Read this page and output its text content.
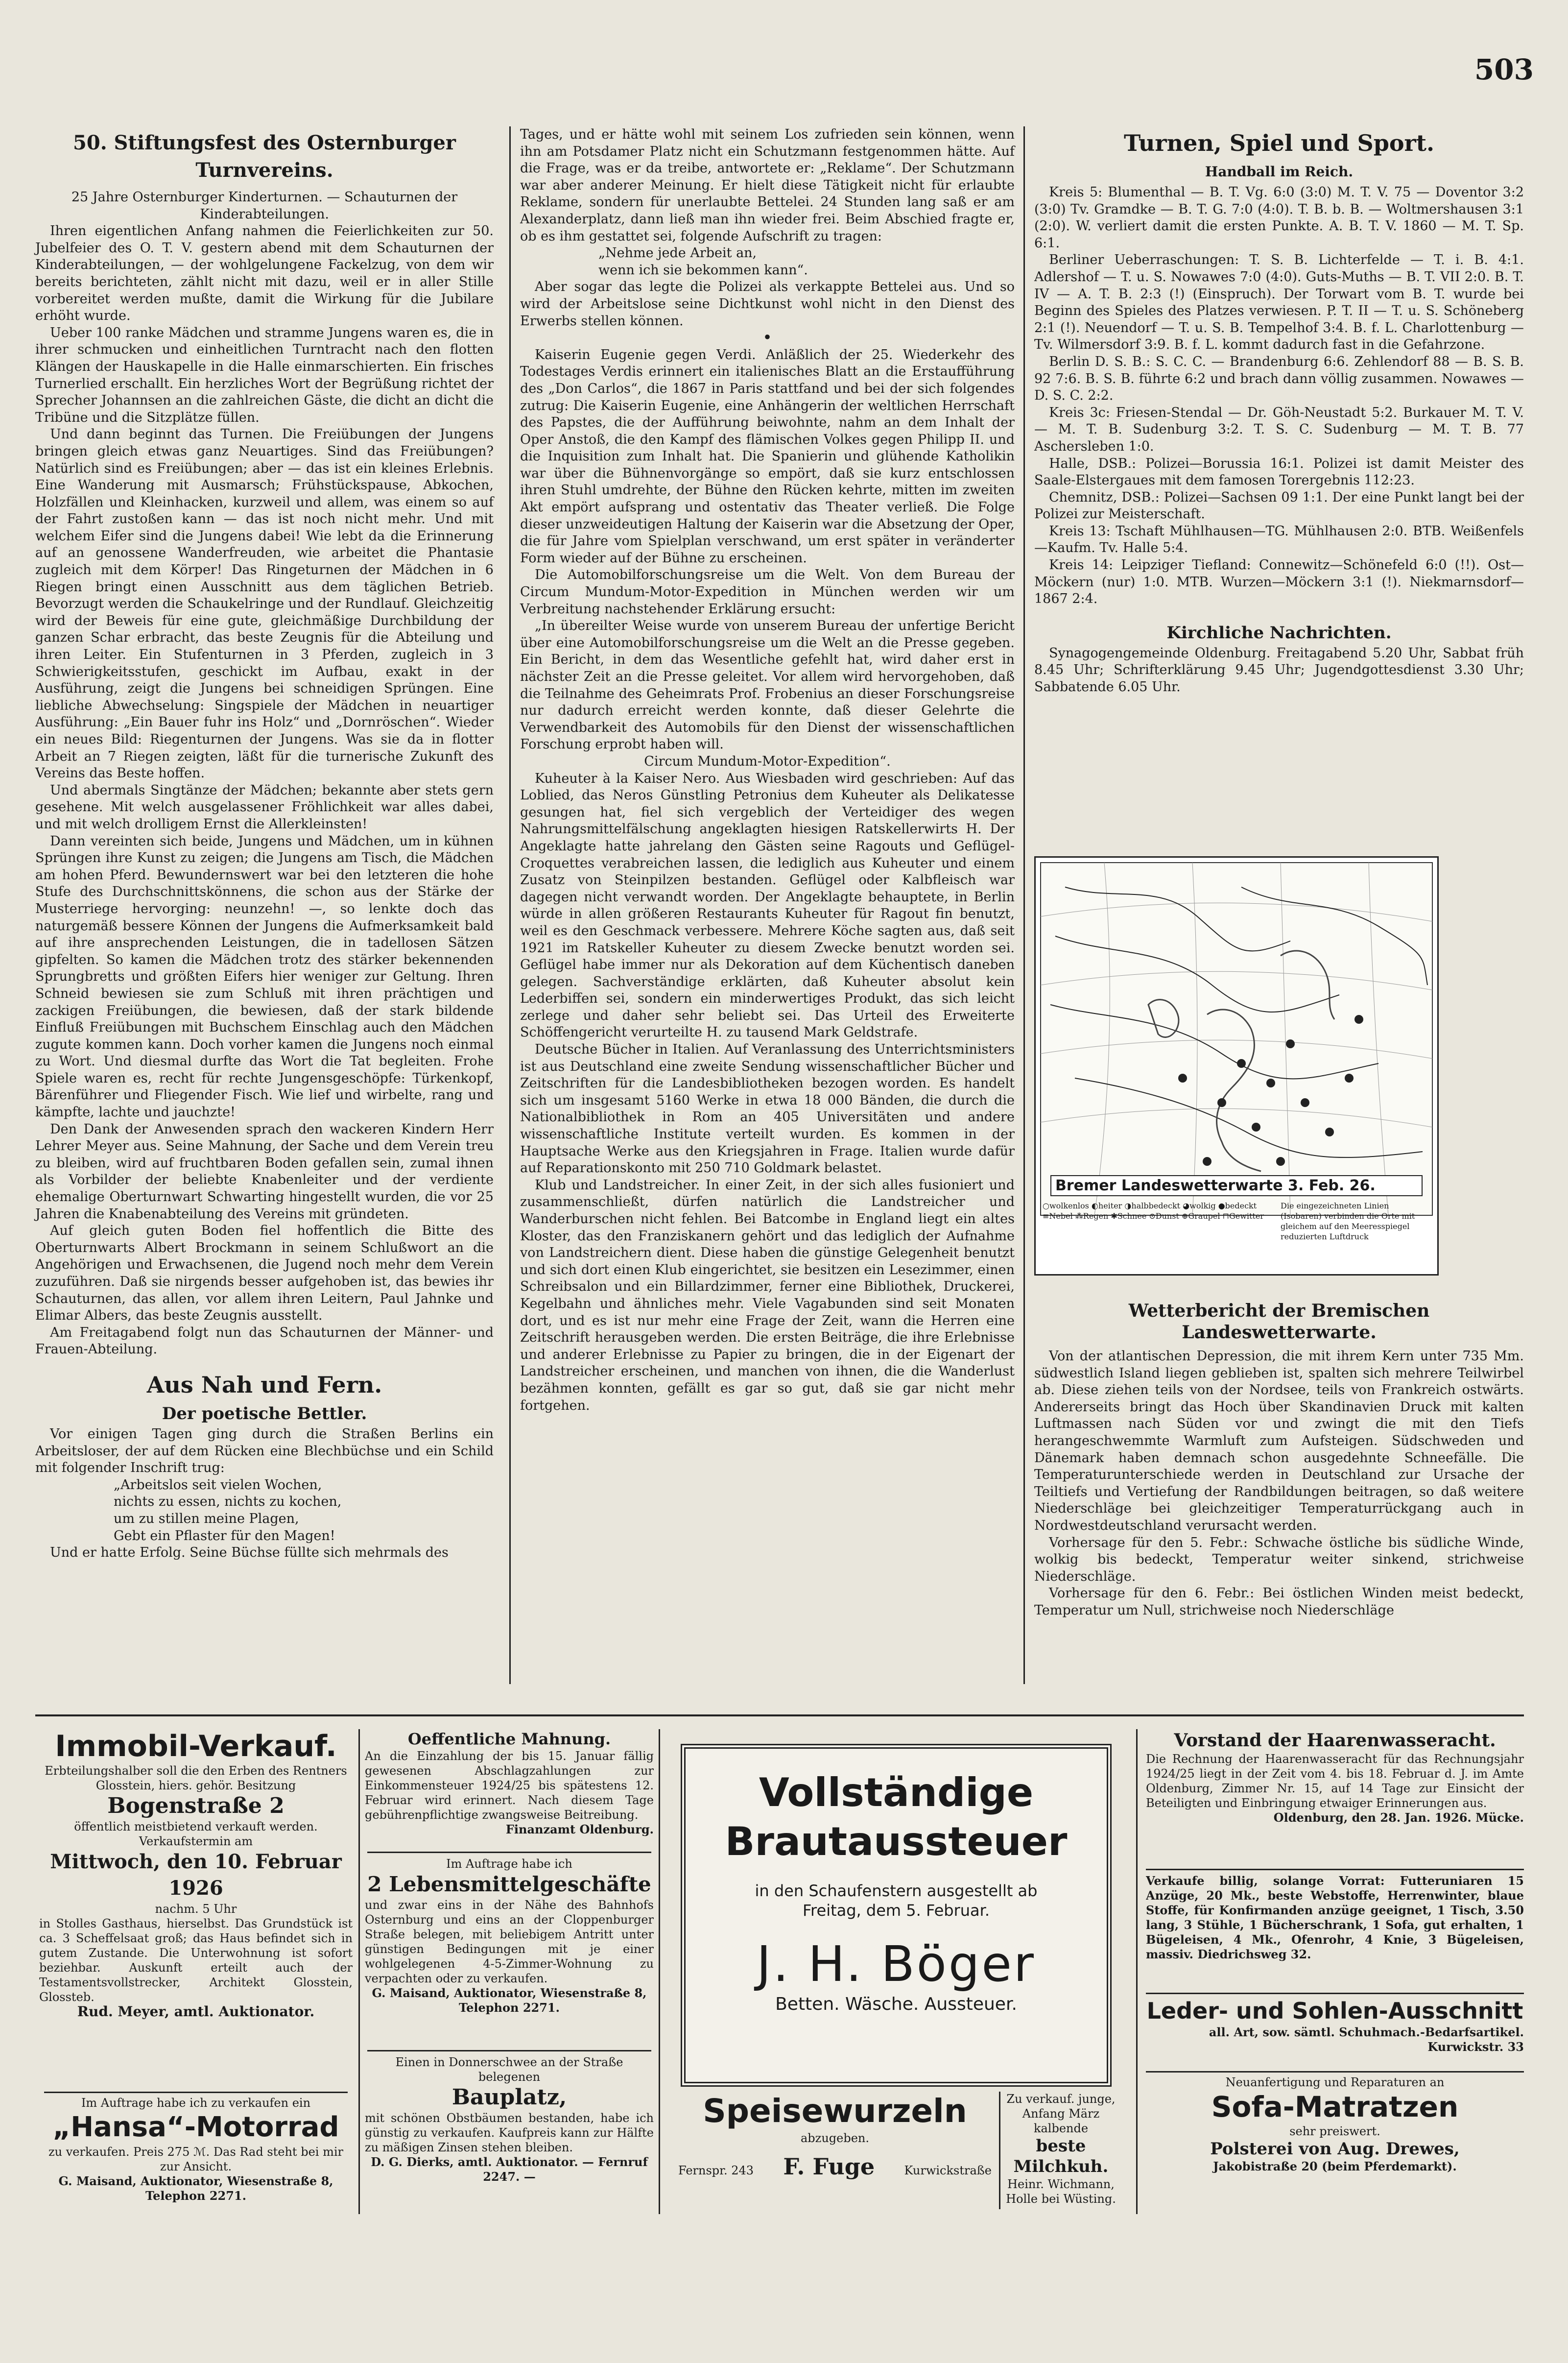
503
50. Stiftungsfest des Osternburger Turnvereins.

25 Jahre Osternburger Kinderturnen. — Schauturnen der Kinderabteilungen.

Ihren eigentlichen Anfang nahmen die Feierlichkeiten zur 50. Jubelfeier des O. T. V. gestern abend mit dem Schauturnen der Kinderabteilungen, — der wohlgelungene Fackelzug, von dem wir bereits berichteten, zählt nicht mit dazu, weil er in aller Stille vorbereitet werden mußte, damit die Wirkung für die Jubilare erhöht wurde.

Ueber 100 ranke Mädchen und stramme Jungens waren es, die in ihrer schmucken und einheitlichen Turntracht nach den flotten Klängen der Hauskapelle in die Halle einmarschierten. Ein frisches Turnerlied erschallt. Ein herzliches Wort der Begrüßung richtet der Sprecher Johannsen an die zahlreichen Gäste, die dicht an dicht die Tribüne und die Sitzplätze füllen.

Und dann beginnt das Turnen. Die Freiübungen der Jungens bringen gleich etwas ganz Neuartiges. Sind das Freiübungen? Natürlich sind es Freiübungen; aber — das ist ein kleines Erlebnis. Eine Wanderung mit Ausmarsch; Frühstückspause, Abkochen, Holzfällen und Kleinhacken, kurzweil und allem, was einem so auf der Fahrt zustoßen kann — das ist noch nicht mehr. Und mit welchem Eifer sind die Jungens dabei! Wie lebt da die Erinnerung auf an genossene Wanderfreuden, wie arbeitet die Phantasie zugleich mit dem Körper! Das Ringeturnen der Mädchen in 6 Riegen bringt einen Ausschnitt aus dem täglichen Betrieb. Bevorzugt werden die Schaukelringe und der Rundlauf. Gleichzeitig wird der Beweis für eine gute, gleichmäßige Durchbildung der ganzen Schar erbracht, das beste Zeugnis für die Abteilung und ihren Leiter. Ein Stufenturnen in 3 Pferden, zugleich in 3 Schwierigkeitsstufen, geschickt im Aufbau, exakt in der Ausführung, zeigt die Jungens bei schneidigen Sprüngen. Eine liebliche Abwechselung: Singspiele der Mädchen in neuartiger Ausführung: „Ein Bauer fuhr ins Holz“ und „Dornröschen“. Wieder ein neues Bild: Riegenturnen der Jungens. Was sie da in flotter Arbeit an 7 Riegen zeigten, läßt für die turnerische Zukunft des Vereins das Beste hoffen.

Und abermals Singtänze der Mädchen; bekannte aber stets gern gesehene. Mit welch ausgelassener Fröhlichkeit war alles dabei, und mit welch drolligem Ernst die Allerkleinsten!

Dann vereinten sich beide, Jungens und Mädchen, um in kühnen Sprüngen ihre Kunst zu zeigen; die Jungens am Tisch, die Mädchen am hohen Pferd. Bewundernswert war bei den letzteren die hohe Stufe des Durchschnittskönnens, die schon aus der Stärke der Musterriege hervorging: neunzehn! —, so lenkte doch das naturgemäß bessere Können der Jungens die Aufmerksamkeit bald auf ihre ansprechenden Leistungen, die in tadellosen Sätzen gipfelten. So kamen die Mädchen trotz des stärker bekennenden Sprungbretts und größten Eifers hier weniger zur Geltung. Ihren Schneid bewiesen sie zum Schluß mit ihren prächtigen und zackigen Freiübungen, die bewiesen, daß der stark bildende Einfluß Freiübungen mit Buchschem Einschlag auch den Mädchen zugute kommen kann. Doch vorher kamen die Jungens noch einmal zu Wort. Und diesmal durfte das Wort die Tat begleiten. Frohe Spiele waren es, recht für rechte Jungensgeschöpfe: Türkenkopf, Bärenführer und Fliegender Fisch. Wie lief und wirbelte, rang und kämpfte, lachte und jauchzte!

Den Dank der Anwesenden sprach den wackeren Kindern Herr Lehrer Meyer aus. Seine Mahnung, der Sache und dem Verein treu zu bleiben, wird auf fruchtbaren Boden gefallen sein, zumal ihnen als Vorbilder der beliebte Knabenleiter und der verdiente ehemalige Oberturnwart Schwarting hingestellt wurden, die vor 25 Jahren die Knabenabteilung des Vereins mit gründeten.

Auf gleich guten Boden fiel hoffentlich die Bitte des Oberturnwarts Albert Brockmann in seinem Schlußwort an die Angehörigen und Erwachsenen, die Jugend noch mehr dem Verein zuzuführen. Daß sie nirgends besser aufgehoben ist, das bewies ihr Schauturnen, das allen, vor allem ihren Leitern, Paul Jahnke und Elimar Albers, das beste Zeugnis ausstellt.

Am Freitagabend folgt nun das Schauturnen der Männer- und Frauen-Abteilung.

Aus Nah und Fern.
Der poetische Bettler.

Vor einigen Tagen ging durch die Straßen Berlins ein Arbeitsloser, der auf dem Rücken eine Blechbüchse und ein Schild mit folgender Inschrift trug:

„Arbeitslos seit vielen Wochen,

nichts zu essen, nichts zu kochen,

um zu stillen meine Plagen,

Gebt ein Pflaster für den Magen!

Und er hatte Erfolg. Seine Büchse füllte sich mehrmals des

Tages, und er hätte wohl mit seinem Los zufrieden sein können, wenn ihn am Potsdamer Platz nicht ein Schutzmann festgenommen hätte. Auf die Frage, was er da treibe, antwortete er: „Reklame“. Der Schutzmann war aber anderer Meinung. Er hielt diese Tätigkeit nicht für erlaubte Reklame, sondern für unerlaubte Bettelei. 24 Stunden lang saß er am Alexanderplatz, dann ließ man ihn wieder frei. Beim Abschied fragte er, ob es ihm gestattet sei, folgende Aufschrift zu tragen:

„Nehme jede Arbeit an,

wenn ich sie bekommen kann“.

Aber sogar das legte die Polizei als verkappte Bettelei aus. Und so wird der Arbeitslose seine Dichtkunst wohl nicht in den Dienst des Erwerbs stellen können.

•

Kaiserin Eugenie gegen Verdi. Anläßlich der 25. Wiederkehr des Todestages Verdis erinnert ein italienisches Blatt an die Erstaufführung des „Don Carlos“, die 1867 in Paris stattfand und bei der sich folgendes zutrug: Die Kaiserin Eugenie, eine Anhängerin der weltlichen Herrschaft des Papstes, die der Aufführung beiwohnte, nahm an dem Inhalt der Oper Anstoß, die den Kampf des flämischen Volkes gegen Philipp II. und die Inquisition zum Inhalt hat. Die Spanierin und glühende Katholikin war über die Bühnenvorgänge so empört, daß sie kurz entschlossen ihren Stuhl umdrehte, der Bühne den Rücken kehrte, mitten im zweiten Akt empört aufsprang und ostentativ das Theater verließ. Die Folge dieser unzweideutigen Haltung der Kaiserin war die Absetzung der Oper, die für Jahre vom Spielplan verschwand, um erst später in veränderter Form wieder auf der Bühne zu erscheinen.

Die Automobilforschungsreise um die Welt. Von dem Bureau der Circum Mundum-Motor-Expedition in München werden wir um Verbreitung nachstehender Erklärung ersucht:

„In übereilter Weise wurde von unserem Bureau der unfertige Bericht über eine Automobilforschungsreise um die Welt an die Presse gegeben. Ein Bericht, in dem das Wesentliche gefehlt hat, wird daher erst in nächster Zeit an die Presse geleitet. Vor allem wird hervorgehoben, daß die Teilnahme des Geheimrats Prof. Frobenius an dieser Forschungsreise nur dadurch erreicht werden konnte, daß dieser Gelehrte die Verwendbarkeit des Automobils für den Dienst der wissenschaftlichen Forschung erprobt haben will.

Circum Mundum-Motor-Expedition“.

Kuheuter à la Kaiser Nero. Aus Wiesbaden wird geschrieben: Auf das Loblied, das Neros Günstling Petronius dem Kuheuter als Delikatesse gesungen hat, fiel sich vergeblich der Verteidiger des wegen Nahrungsmittelfälschung angeklagten hiesigen Ratskellerwirts H. Der Angeklagte hatte jahrelang den Gästen seine Ragouts und Geflügel-Croquettes verabreichen lassen, die lediglich aus Kuheuter und einem Zusatz von Steinpilzen bestanden. Geflügel oder Kalbfleisch war dagegen nicht verwandt worden. Der Angeklagte behauptete, in Berlin würde in allen größeren Restaurants Kuheuter für Ragout fin benutzt, weil es den Geschmack verbessere. Mehrere Köche sagten aus, daß seit 1921 im Ratskeller Kuheuter zu diesem Zwecke benutzt worden sei. Geflügel habe immer nur als Dekoration auf dem Küchentisch daneben gelegen. Sachverständige erklärten, daß Kuheuter absolut kein Lederbiffen sei, sondern ein minderwertiges Produkt, das sich leicht zerlege und daher sehr beliebt sei. Das Urteil des Erweiterte Schöffengericht verurteilte H. zu tausend Mark Geldstrafe.

Deutsche Bücher in Italien. Auf Veranlassung des Unterrichtsministers ist aus Deutschland eine zweite Sendung wissenschaftlicher Bücher und Zeitschriften für die Landesbibliotheken bezogen worden. Es handelt sich um insgesamt 5160 Werke in etwa 18 000 Bänden, die durch die Nationalbibliothek in Rom an 405 Universitäten und andere wissenschaftliche Institute verteilt wurden. Es kommen in der Hauptsache Werke aus den Kriegsjahren in Frage. Italien wurde dafür auf Reparationskonto mit 250 710 Goldmark belastet.

Klub und Landstreicher. In einer Zeit, in der sich alles fusioniert und zusammenschließt, dürfen natürlich die Landstreicher und Wanderburschen nicht fehlen. Bei Batcombe in England liegt ein altes Kloster, das den Franziskanern gehört und das lediglich der Aufnahme von Landstreichern dient. Diese haben die günstige Gelegenheit benutzt und sich dort einen Klub eingerichtet, sie besitzen ein Lesezimmer, einen Schreibsalon und ein Billardzimmer, ferner eine Bibliothek, Druckerei, Kegelbahn und ähnliches mehr. Viele Vagabunden sind seit Monaten dort, und es ist nur mehr eine Frage der Zeit, wann die Herren eine Zeitschrift herausgeben werden. Die ersten Beiträge, die ihre Erlebnisse und anderer Erlebnisse zu Papier zu bringen, die in der Eigenart der Landstreicher erscheinen, und manchen von ihnen, die die Wanderlust bezähmen konnten, gefällt es gar so gut, daß sie gar nicht mehr fortgehen.

Turnen, Spiel und Sport.
Handball im Reich.

Kreis 5: Blumenthal — B. T. Vg. 6:0 (3:0) M. T. V. 75 — Doventor 3:2 (3:0) Tv. Gramdke — B. T. G. 7:0 (4:0). T. B. b. B. — Woltmershausen 3:1 (2:0). W. verliert damit die ersten Punkte. A. B. T. V. 1860 — M. T. Sp. 6:1.

Berliner Ueberraschungen: T. S. B. Lichterfelde — T. i. B. 4:1. Adlershof — T. u. S. Nowawes 7:0 (4:0). Guts-Muths — B. T. VII 2:0. B. T. IV — A. T. B. 2:3 (!) (Einspruch). Der Torwart vom B. T. wurde bei Beginn des Spieles des Platzes verwiesen. P. T. II — T. u. S. Schöneberg 2:1 (!). Neuendorf — T. u. S. B. Tempelhof 3:4. B. f. L. Charlottenburg — Tv. Wilmersdorf 3:9. B. f. L. kommt dadurch fast in die Gefahrzone.

Berlin D. S. B.: S. C. C. — Brandenburg 6:6. Zehlendorf 88 — B. S. B. 92 7:6. B. S. B. führte 6:2 und brach dann völlig zusammen. Nowawes — D. S. C. 2:2.

Kreis 3c: Friesen-Stendal — Dr. Göh-Neustadt 5:2. Burkauer M. T. V. — M. T. B. Sudenburg 3:2. T. S. C. Sudenburg — M. T. B. 77 Aschersleben 1:0.

Halle, DSB.: Polizei—Borussia 16:1. Polizei ist damit Meister des Saale-Elstergaues mit dem famosen Torergebnis 112:23.

Chemnitz, DSB.: Polizei—Sachsen 09 1:1. Der eine Punkt langt bei der Polizei zur Meisterschaft.

Kreis 13: Tschaft Mühlhausen—TG. Mühlhausen 2:0. BTB. Weißenfels—Kaufm. Tv. Halle 5:4.

Kreis 14: Leipziger Tiefland: Connewitz—Schönefeld 6:0 (!!). Ost—Möckern (nur) 1:0. MTB. Wurzen—Möckern 3:1 (!). Niekmarnsdorf—1867 2:4.

Kirchliche Nachrichten.

Synagogengemeinde Oldenburg. Freitagabend 5.20 Uhr, Sabbat früh 8.45 Uhr; Schrifterklärung 9.45 Uhr; Jugendgottesdienst 3.30 Uhr; Sabbatende 6.05 Uhr.

Bremer Landeswetterwarte 3. Feb. 26.
○wolkenlos ◐heiter ◑halbbedeckt ◕wolkig ●bedeckt ≡Nebel ⁂Regen ✱Schnee ⊙Dunst ⊕Graupel ⊓Gewitter
Die eingezeichneten Linien (Isobaren) verbinden die Orte mit gleichem auf den Meeresspiegel reduzierten Luftdruck
Wetterbericht der Bremischen Landeswetterwarte.

Von der atlantischen Depression, die mit ihrem Kern unter 735 Mm. südwestlich Island liegen geblieben ist, spalten sich mehrere Teilwirbel ab. Diese ziehen teils von der Nordsee, teils von Frankreich ostwärts. Andererseits bringt das Hoch über Skandinavien Druck mit kalten Luftmassen nach Süden vor und zwingt die mit den Tiefs herangeschwemmte Warmluft zum Aufsteigen. Südschweden und Dänemark haben demnach schon ausgedehnte Schneefälle. Die Temperaturunterschiede werden in Deutschland zur Ursache der Teiltiefs und Vertiefung der Randbildungen beitragen, so daß weitere Niederschläge bei gleichzeitiger Temperaturrückgang auch in Nordwestdeutschland verursacht werden.

Vorhersage für den 5. Febr.: Schwache östliche bis südliche Winde, wolkig bis bedeckt, Temperatur weiter sinkend, strichweise Niederschläge.

Vorhersage für den 6. Febr.: Bei östlichen Winden meist bedeckt, Temperatur um Null, strichweise noch Niederschläge

Immobil-Verkauf.
Erbteilungshalber soll die den Erben des Rentners Glosstein, hiers. gehör. Besitzung
Bogenstraße 2
öffentlich meistbietend verkauft werden. Verkaufstermin am
Mittwoch, den 10. Februar 1926
nachm. 5 Uhr
in Stolles Gasthaus, hierselbst. Das Grundstück ist ca. 3 Scheffelsaat groß; das Haus befindet sich in gutem Zustande. Die Unterwohnung ist sofort beziehbar. Auskunft erteilt auch der Testamentsvollstrecker, Architekt Glosstein, Glossteb.
Rud. Meyer, amtl. Auktionator.
Im Auftrage habe ich zu verkaufen ein
„Hansa“-Motorrad
zu verkaufen. Preis 275 ℳ. Das Rad steht bei mir zur Ansicht.
G. Maisand, Auktionator, Wiesenstraße 8, Telephon 2271.
Oeffentliche Mahnung.
An die Einzahlung der bis 15. Januar fällig gewesenen Abschlagzahlungen zur Einkommensteuer 1924/25 bis spätestens 12. Februar wird erinnert. Nach diesem Tage gebührenpflichtige zwangsweise Beitreibung.
Finanzamt Oldenburg.
Im Auftrage habe ich
2 Lebensmittelgeschäfte
und zwar eins in der Nähe des Bahnhofs Osternburg und eins an der Cloppenburger Straße belegen, mit beliebigem Antritt unter günstigen Bedingungen mit je einer wohlgelegenen 4-5-Zimmer-Wohnung zu verpachten oder zu verkaufen.
G. Maisand, Auktionator, Wiesenstraße 8, Telephon 2271.
Einen in Donnerschwee an der Straße belegenen
Bauplatz,
mit schönen Obstbäumen bestanden, habe ich günstig zu verkaufen. Kaufpreis kann zur Hälfte zu mäßigen Zinsen stehen bleiben.
D. G. Dierks, amtl. Auktionator. — Fernruf 2247. —
Vollständige
Brautaussteuer
in den Schaufenstern ausgestellt ab Freitag, dem 5. Februar.
J. H. Böger
Betten. Wäsche. Aussteuer.
Speisewurzeln
abzugeben.
Fernspr. 243 F. Fuge	Kurwickstraße
Zu verkauf. junge, Anfang März kalbende
beste Milchkuh.
Heinr. Wichmann, Holle bei Wüsting.
Vorstand der Haarenwasseracht.
Die Rechnung der Haarenwasseracht für das Rechnungsjahr 1924/25 liegt in der Zeit vom 4. bis 18. Februar d. J. im Amte Oldenburg, Zimmer Nr. 15, auf 14 Tage zur Einsicht der Beteiligten und Einbringung etwaiger Erinnerungen aus.
Oldenburg, den 28. Jan. 1926. Mücke.
Verkaufe billig, solange Vorrat: Futteruniaren 15 Anzüge, 20 Mk., beste Webstoffe, Herrenwinter, blaue Stoffe, für Konfirmanden anzüge geeignet, 1 Tisch, 3.50 lang, 3 Stühle, 1 Bücherschrank, 1 Sofa, gut erhalten, 1 Bügeleisen, 4 Mk., Ofenrohr, 4 Knie, 3 Bügeleisen, massiv. Diedrichsweg 32.
Leder- und Sohlen-Ausschnitt
all. Art, sow. sämtl. Schuhmach.-Bedarfsartikel. Kurwickstr. 33
Neuanfertigung und Reparaturen an
Sofa-Matratzen
sehr preiswert.
Polsterei von Aug. Drewes,
Jakobistraße 20 (beim Pferdemarkt).
